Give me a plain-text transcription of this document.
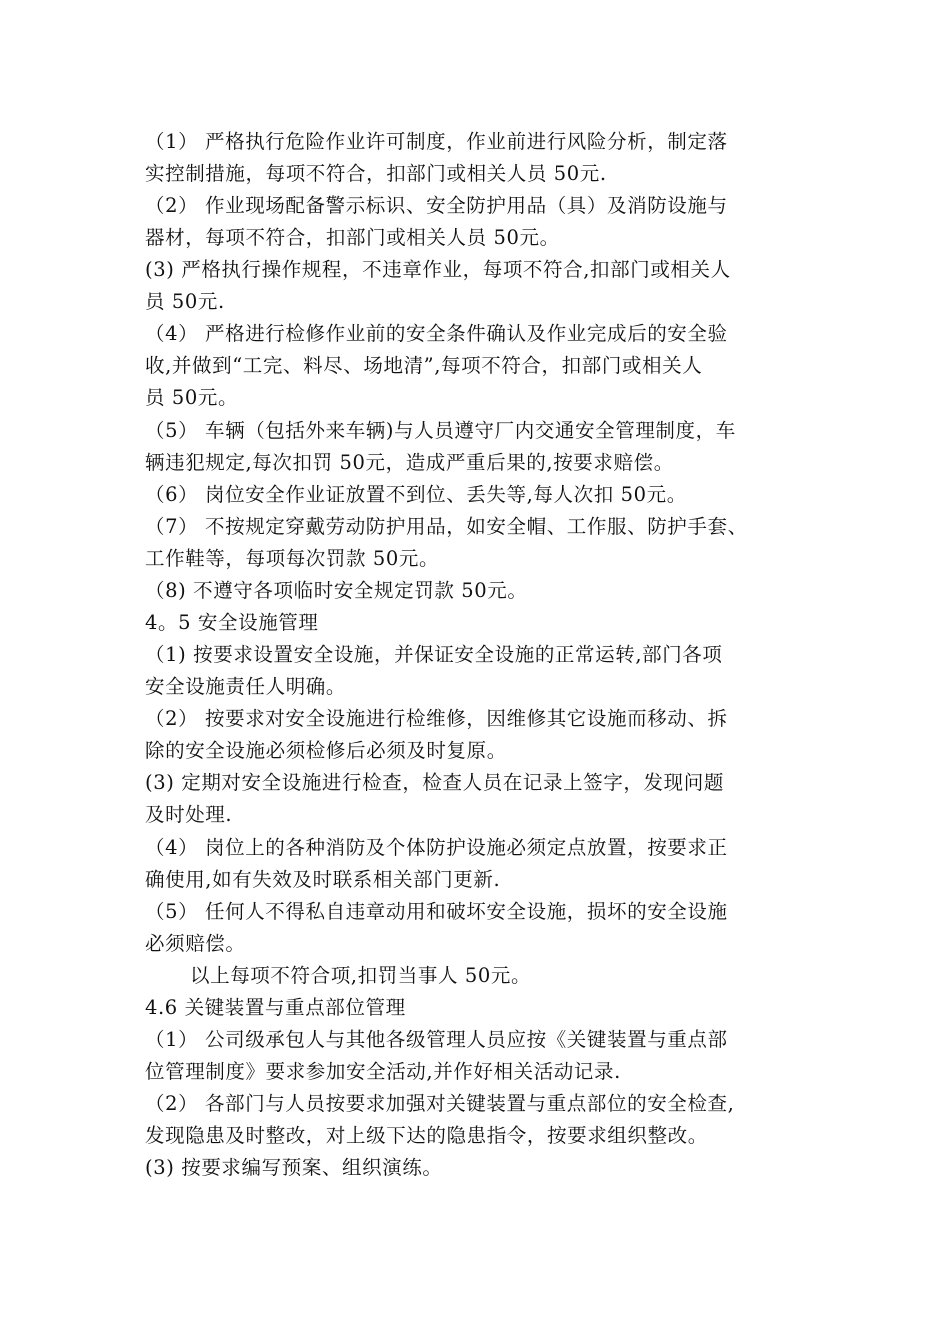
（1） 严格执行危险作业许可制度，作业前进行风险分析，制定落
实控制措施，每项不符合，扣部门或相关人员 50元.
（2） 作业现场配备警示标识、安全防护用品（具）及消防设施与
器材，每项不符合，扣部门或相关人员 50元。
(3) 严格执行操作规程，不违章作业，每项不符合,扣部门或相关人
员 50元.
（4） 严格进行检修作业前的安全条件确认及作业完成后的安全验
收,并做到“工完、料尽、场地清”,每项不符合，扣部门或相关人
员 50元。
（5） 车辆（包括外来车辆)与人员遵守厂内交通安全管理制度，车
辆违犯规定,每次扣罚 50元，造成严重后果的,按要求赔偿。
（6） 岗位安全作业证放置不到位、丢失等,每人次扣 50元。
（7） 不按规定穿戴劳动防护用品，如安全帽、工作服、防护手套、
工作鞋等，每项每次罚款 50元。
（8) 不遵守各项临时安全规定罚款 50元。
4。5 安全设施管理
（1) 按要求设置安全设施，并保证安全设施的正常运转,部门各项
安全设施责任人明确。
（2） 按要求对安全设施进行检维修，因维修其它设施而移动、拆
除的安全设施必须检修后必须及时复原。
(3) 定期对安全设施进行检查，检查人员在记录上签字，发现问题
及时处理.
（4） 岗位上的各种消防及个体防护设施必须定点放置，按要求正
确使用,如有失效及时联系相关部门更新.
（5） 任何人不得私自违章动用和破坏安全设施，损坏的安全设施
必须赔偿。
以上每项不符合项,扣罚当事人 50元。
4.6 关键装置与重点部位管理
（1） 公司级承包人与其他各级管理人员应按《关键装置与重点部
位管理制度》要求参加安全活动,并作好相关活动记录.
（2） 各部门与人员按要求加强对关键装置与重点部位的安全检查,
发现隐患及时整改，对上级下达的隐患指令，按要求组织整改。
(3) 按要求编写预案、组织演练。
